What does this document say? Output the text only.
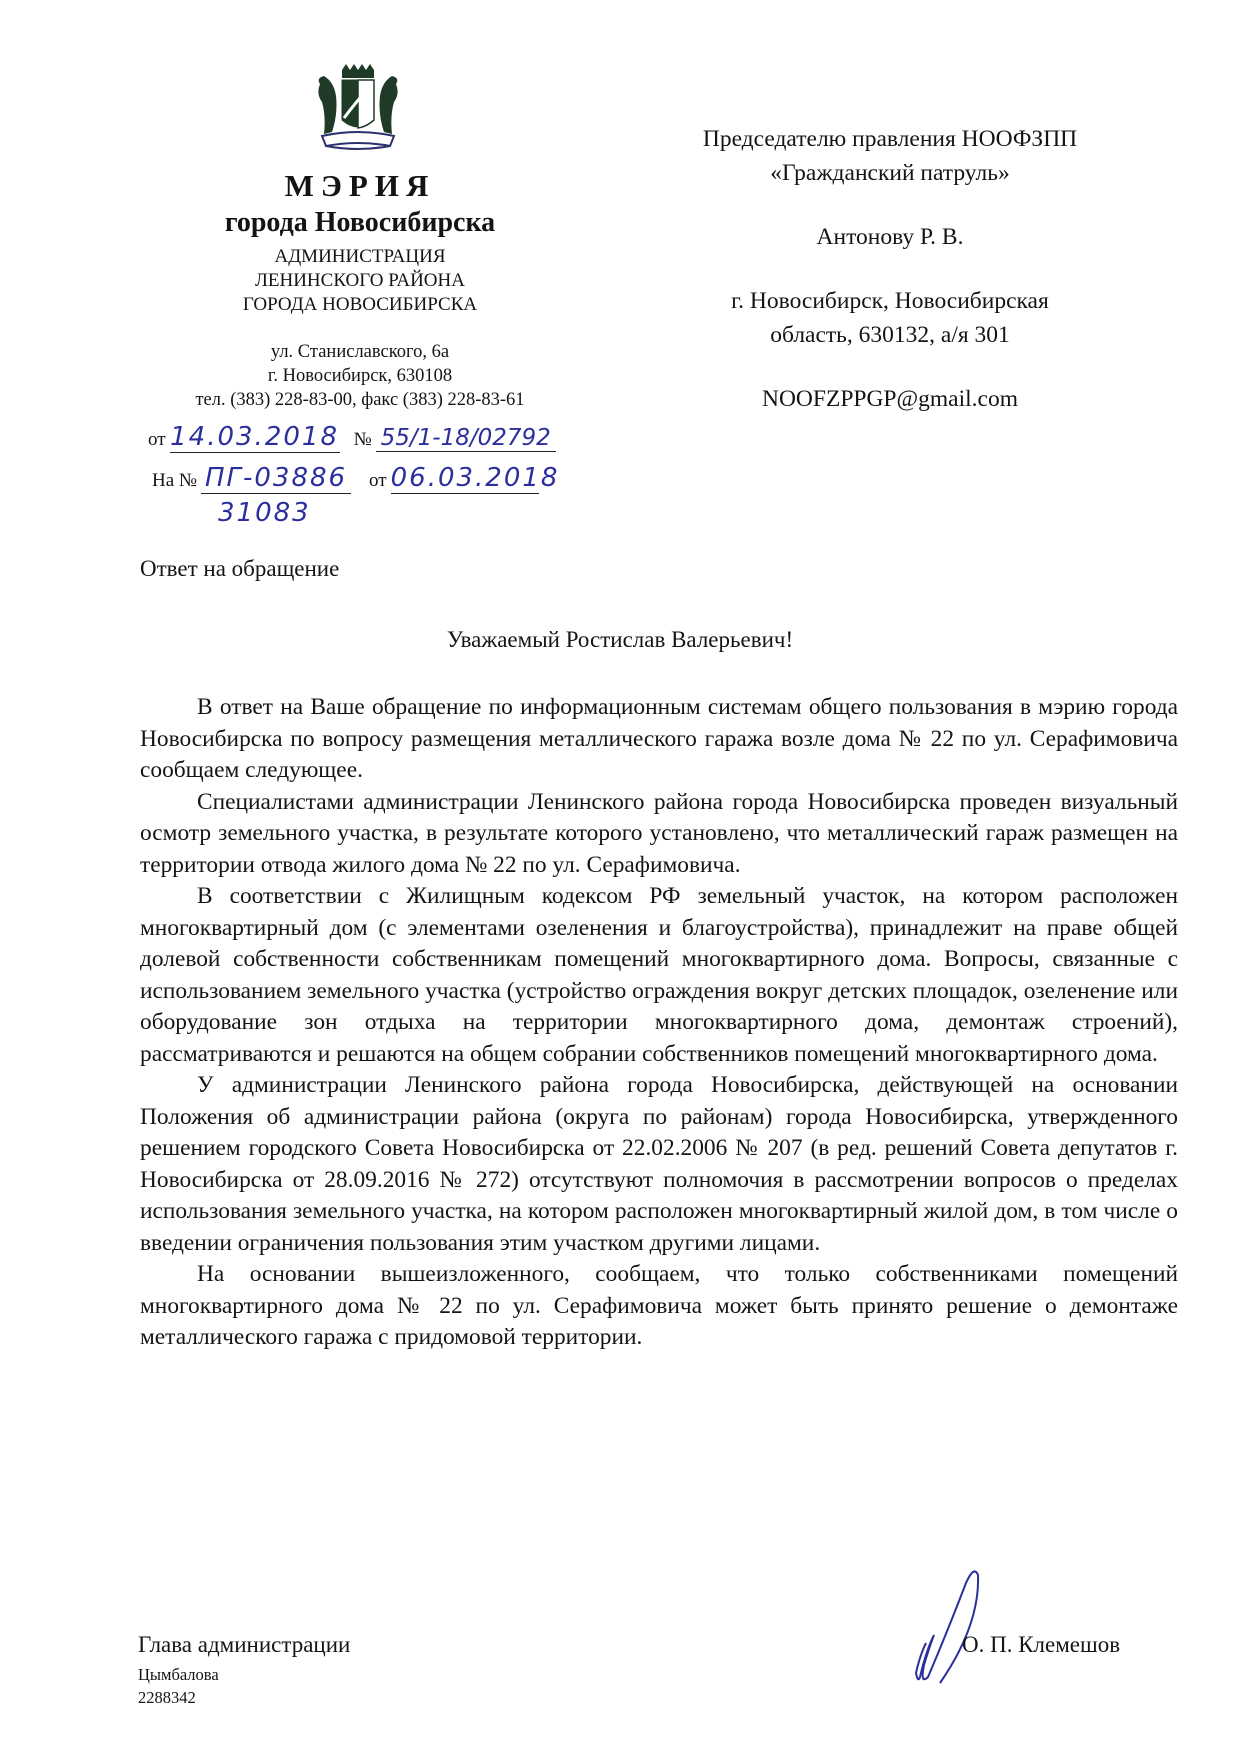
МЭРИЯ
города Новосибирска
АДМИНИСТРАЦИЯ
ЛЕНИНСКОГО РАЙОНА
ГОРОДА НОВОСИБИРСКА
ул. Станиславского, 6а
г. Новосибирск, 630108
тел. (383) 228-83-00, факс (383) 228-83-61
от 14.03.2018 № 55/1-18/02792
На № ПГ-03886 от 06.03.2018
31083
Председателю правления НООФЗПП
«Гражданский патруль»
Антонову Р. В.
г. Новосибирск, Новосибирская
область, 630132, а/я 301
NOOFZPPGP@gmail.com
Ответ на обращение
Уважаемый Ростислав Валерьевич!

В ответ на Ваше обращение по информационным системам общего пользования в мэрию города Новосибирска по вопросу размещения металлического гаража возле дома № 22 по ул. Серафимовича сообщаем следующее.

Специалистами администрации Ленинского района города Новосибирска проведен визуальный осмотр земельного участка, в результате которого установлено, что металлический гараж размещен на территории отвода жилого дома № 22 по ул. Серафимовича.

В соответствии с Жилищным кодексом РФ земельный участок, на котором расположен многоквартирный дом (с элементами озеленения и благоустройства), принадлежит на праве общей долевой собственности собственникам помещений многоквартирного дома. Вопросы, связанные с использованием земельного участка (устройство ограждения вокруг детских площадок, озеленение или оборудование зон отдыха на территории многоквартирного дома, демонтаж строений), рассматриваются и решаются на общем собрании собственников помещений многоквартирного дома.

У администрации Ленинского района города Новосибирска, действующей на основании Положения об администрации района (округа по районам) города Новосибирска, утвержденного решением городского Совета Новосибирска от 22.02.2006 № 207 (в ред. решений Совета депутатов г. Новосибирска от 28.09.2016 № 272) отсутствуют полномочия в рассмотрении вопросов о пределах использования земельного участка, на котором расположен многоквартирный жилой дом, в том числе о введении ограничения пользования этим участком другими лицами.

На основании вышеизложенного, сообщаем, что только собственниками помещений многоквартирного дома № 22 по ул. Серафимовича может быть принято решение о демонтаже металлического гаража с придомовой территории.

Глава администрации
Цымбалова
2288342
О. П. Клемешов
